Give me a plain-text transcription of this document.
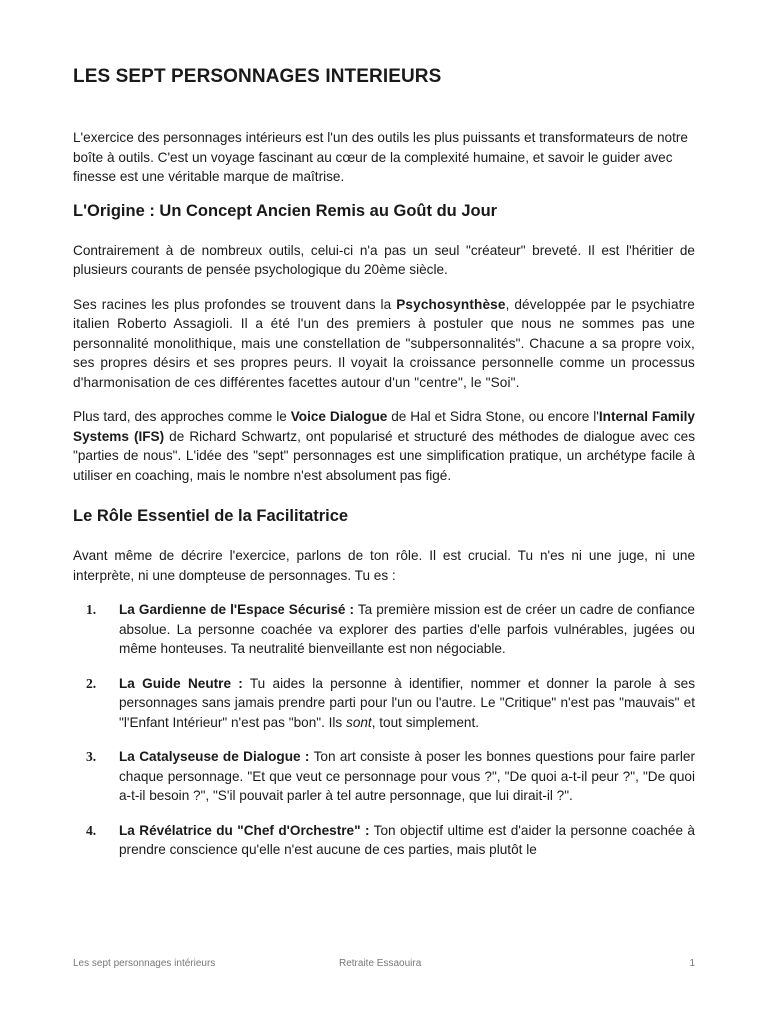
LES SEPT PERSONNAGES INTERIEURS

L'exercice des personnages intérieurs est l'un des outils les plus puissants et transformateurs de notre boîte à outils. C'est un voyage fascinant au cœur de la complexité humaine, et savoir le guider avec finesse est une véritable marque de maîtrise.

L'Origine : Un Concept Ancien Remis au Goût du Jour

Contrairement à de nombreux outils, celui-ci n'a pas un seul "créateur" breveté. Il est l'héritier de plusieurs courants de pensée psychologique du 20ème siècle.

Ses racines les plus profondes se trouvent dans la Psychosynthèse, développée par le psychiatre italien Roberto Assagioli. Il a été l'un des premiers à postuler que nous ne sommes pas une personnalité monolithique, mais une constellation de "subpersonnalités". Chacune a sa propre voix, ses propres désirs et ses propres peurs. Il voyait la croissance personnelle comme un processus d'harmonisation de ces différentes facettes autour d'un "centre", le "Soi".

Plus tard, des approches comme le Voice Dialogue de Hal et Sidra Stone, ou encore l'Internal Family Systems (IFS) de Richard Schwartz, ont popularisé et structuré des méthodes de dialogue avec ces "parties de nous". L'idée des "sept" personnages est une simplification pratique, un archétype facile à utiliser en coaching, mais le nombre n'est absolument pas figé.

Le Rôle Essentiel de la Facilitatrice

Avant même de décrire l'exercice, parlons de ton rôle. Il est crucial. Tu n'es ni une juge, ni une interprète, ni une dompteuse de personnages. Tu es :

1. La Gardienne de l'Espace Sécurisé : Ta première mission est de créer un cadre de confiance absolue. La personne coachée va explorer des parties d'elle parfois vulnérables, jugées ou même honteuses. Ta neutralité bienveillante est non négociable.

2. La Guide Neutre : Tu aides la personne à identifier, nommer et donner la parole à ses personnages sans jamais prendre parti pour l'un ou l'autre. Le "Critique" n'est pas "mauvais" et "l'Enfant Intérieur" n'est pas "bon". Ils sont, tout simplement.

3. La Catalyseuse de Dialogue : Ton art consiste à poser les bonnes questions pour faire parler chaque personnage. "Et que veut ce personnage pour vous ?", "De quoi a-t-il peur ?", "De quoi a-t-il besoin ?", "S'il pouvait parler à tel autre personnage, que lui dirait-il ?".

4. La Révélatrice du "Chef d'Orchestre" : Ton objectif ultime est d'aider la personne coachée à prendre conscience qu'elle n'est aucune de ces parties, mais plutôt le

Les sept personnages intérieurs	Retraite Essaouira	1
